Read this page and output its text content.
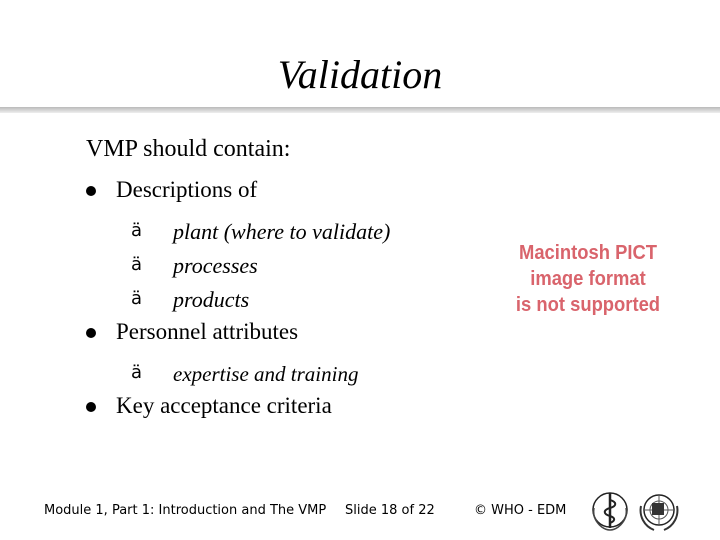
Validation
VMP should contain:
Descriptions of
ä plant (where to validate)
ä processes
ä products
Personnel attributes
ä expertise and training
Key acceptance criteria
Macintosh PICT
image format
is not supported
Module 1, Part 1: Introduction and The VMP Slide 18 of 22	© WHO - EDM
